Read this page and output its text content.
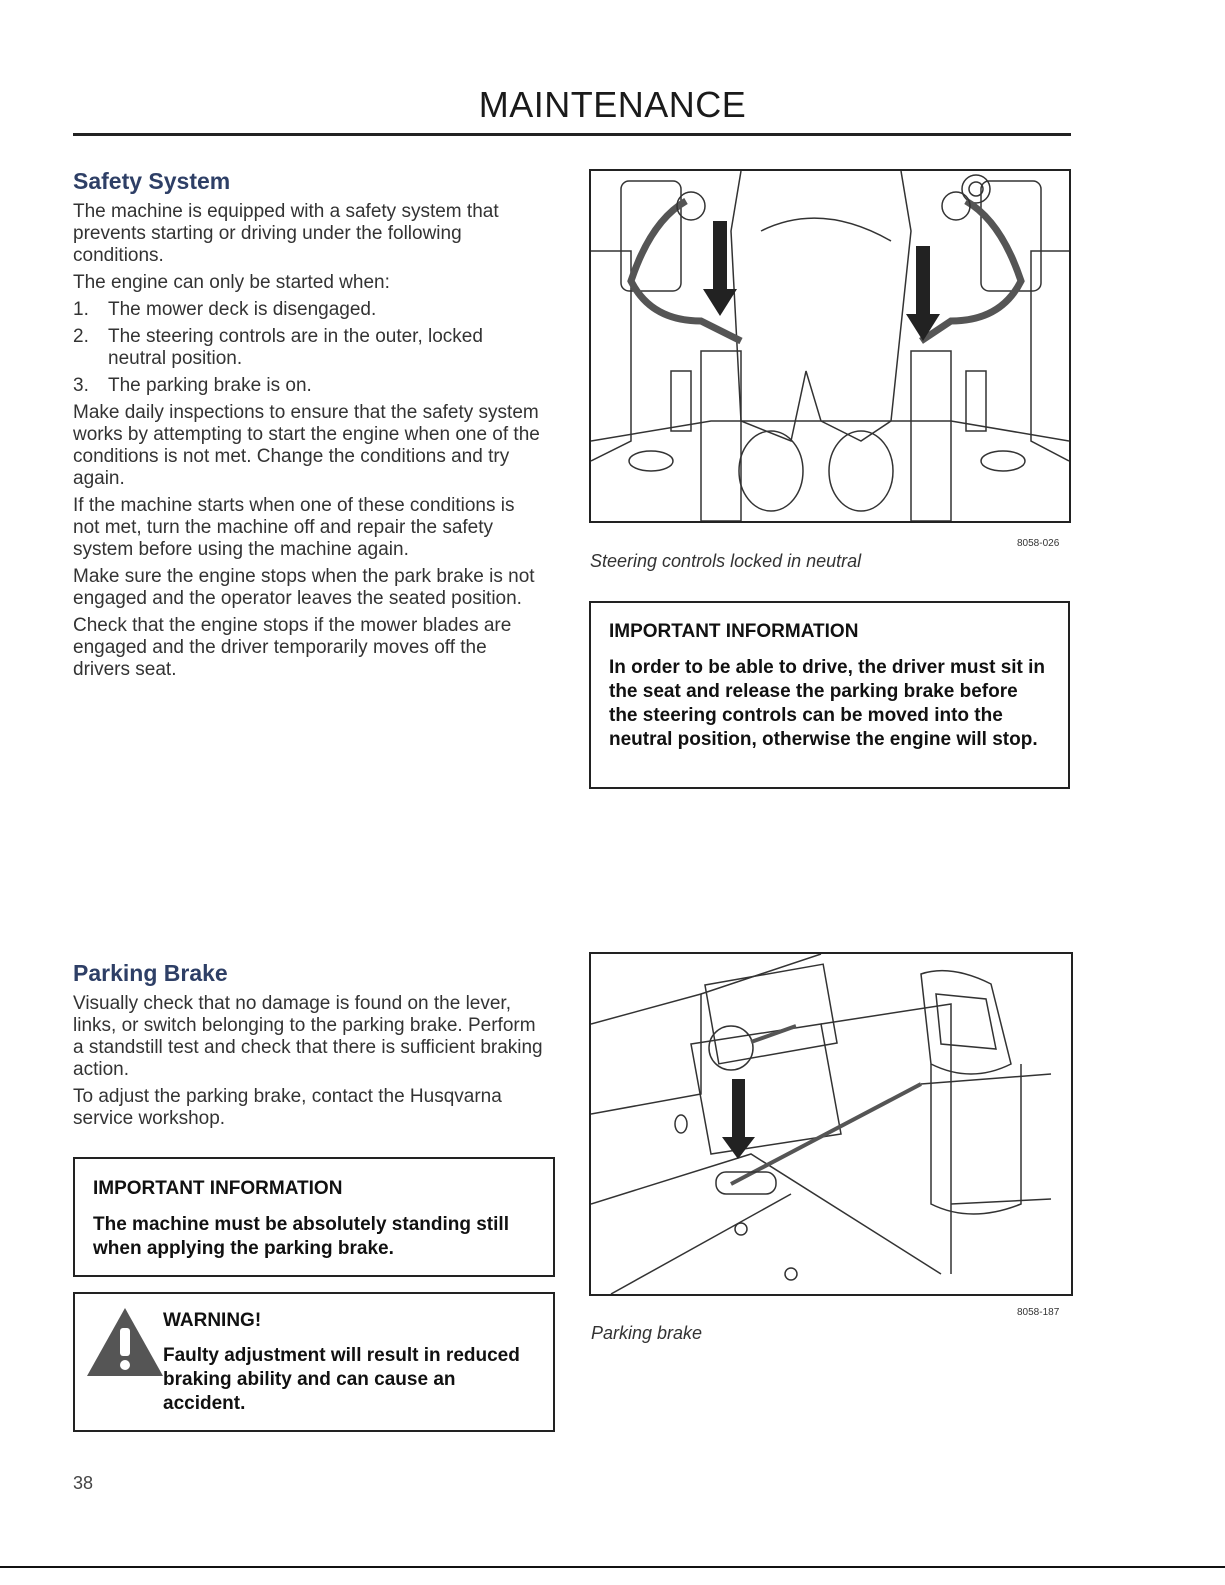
MAINTENANCE
Safety System

The machine is equipped with a safety system that prevents starting or driving under the following conditions.

The engine can only be started when:

1.	The mower deck is disengaged.
2.	The steering controls are in the outer, locked neutral position.
3.	The parking brake is on.

Make daily inspections to ensure that the safety system works by attempting to start the engine when one of the conditions is not met. Change the conditions and try again.

If the machine starts when one of these conditions is not met, turn the machine off and repair the safety system before using the machine again.

Make sure the engine stops when the park brake is not engaged and the operator leaves the seated position.

Check that the engine stops if the mower blades are engaged and the driver temporarily moves off the drivers seat.

8058-026
Steering controls locked in neutral

IMPORTANT INFORMATION

In order to be able to drive, the driver must sit in the seat and release the parking brake before the steering controls can be moved into the neutral position, otherwise the engine will stop.

Parking Brake

Visually check that no damage is found on the lever, links, or switch belonging to the parking brake. Perform a standstill test and check that there is sufficient braking action.

To adjust the parking brake, contact the Husqvarna service workshop.

IMPORTANT INFORMATION

The machine must be absolutely standing still when applying the parking brake.

WARNING!

Faulty adjustment will result in reduced braking ability and can cause an accident.

8058-187
Parking brake
38
